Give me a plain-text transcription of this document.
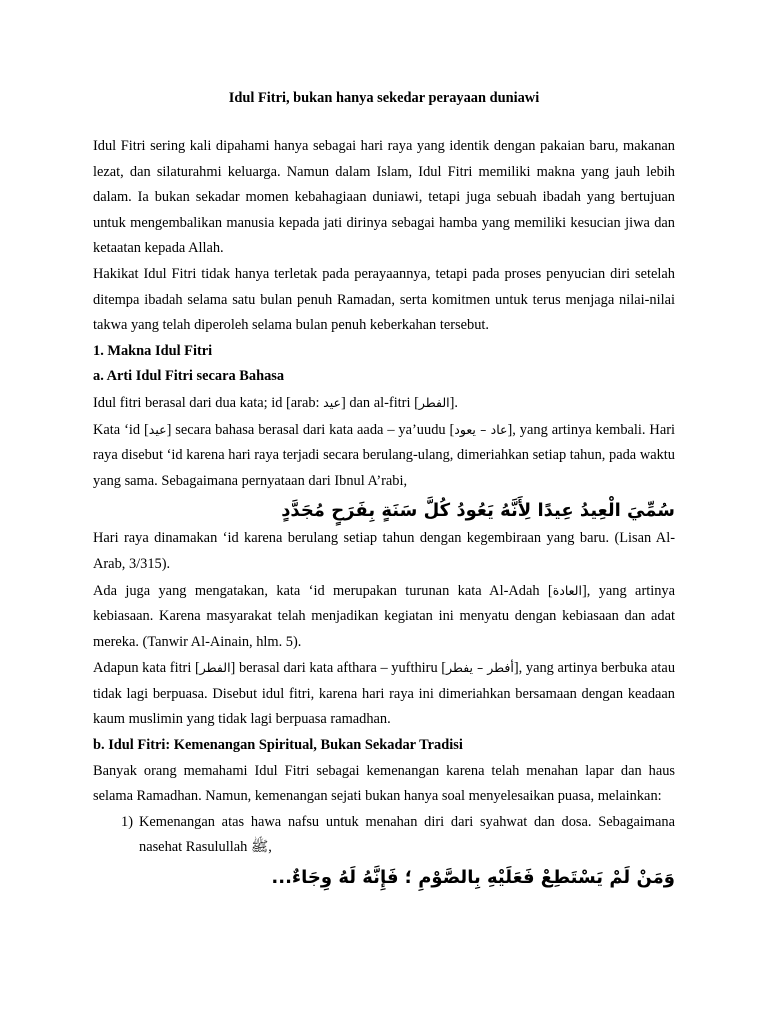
Idul Fitri, bukan hanya sekedar perayaan duniawi

Idul Fitri sering kali dipahami hanya sebagai hari raya yang identik dengan pakaian baru, makanan lezat, dan silaturahmi keluarga. Namun dalam Islam, Idul Fitri memiliki makna yang jauh lebih dalam. Ia bukan sekadar momen kebahagiaan duniawi, tetapi juga sebuah ibadah yang bertujuan untuk mengembalikan manusia kepada jati dirinya sebagai hamba yang memiliki kesucian jiwa dan ketaatan kepada Allah.

Hakikat Idul Fitri tidak hanya terletak pada perayaannya, tetapi pada proses penyucian diri setelah ditempa ibadah selama satu bulan penuh Ramadan, serta komitmen untuk terus menjaga nilai-nilai takwa yang telah diperoleh selama bulan penuh keberkahan tersebut.

1. Makna Idul Fitri

a. Arti Idul Fitri secara Bahasa

Idul fitri berasal dari dua kata; id [arab: عيد] dan al-fitri [الفطر].

Kata ‘id [عيد] secara bahasa berasal dari kata aada – ya’uudu [عاد – يعود], yang artinya kembali. Hari raya disebut ‘id karena hari raya terjadi secara berulang-ulang, dimeriahkan setiap tahun, pada waktu yang sama. Sebagaimana pernyataan dari Ibnul A’rabi,

سُمِّيَ الْعِيدُ عِيدًا لِأَنَّهُ يَعُودُ كُلَّ سَنَةٍ بِفَرَحٍ مُجَدَّدٍ

Hari raya dinamakan ‘id karena berulang setiap tahun dengan kegembiraan yang baru. (Lisan Al-Arab, 3/315).

Ada juga yang mengatakan, kata ‘id merupakan turunan kata Al-Adah [العادة], yang artinya kebiasaan. Karena masyarakat telah menjadikan kegiatan ini menyatu dengan kebiasaan dan adat mereka. (Tanwir Al-Ainain, hlm. 5).

Adapun kata fitri [الفطر] berasal dari kata afthara – yufthiru [أفطر – يفطر], yang artinya berbuka atau tidak lagi berpuasa. Disebut idul fitri, karena hari raya ini dimeriahkan bersamaan dengan keadaan kaum muslimin yang tidak lagi berpuasa ramadhan.

b. Idul Fitri: Kemenangan Spiritual, Bukan Sekadar Tradisi

Banyak orang memahami Idul Fitri sebagai kemenangan karena telah menahan lapar dan haus selama Ramadhan. Namun, kemenangan sejati bukan hanya soal menyelesaikan puasa, melainkan:

1) Kemenangan atas hawa nafsu untuk menahan diri dari syahwat dan dosa. Sebagaimana nasehat Rasulullah ﷺ,
وَمَنْ لَمْ يَسْتَطِعْ فَعَلَيْهِ بِالصَّوْمِ ؛ فَإِنَّهُ لَهُ وِجَاءٌ...
